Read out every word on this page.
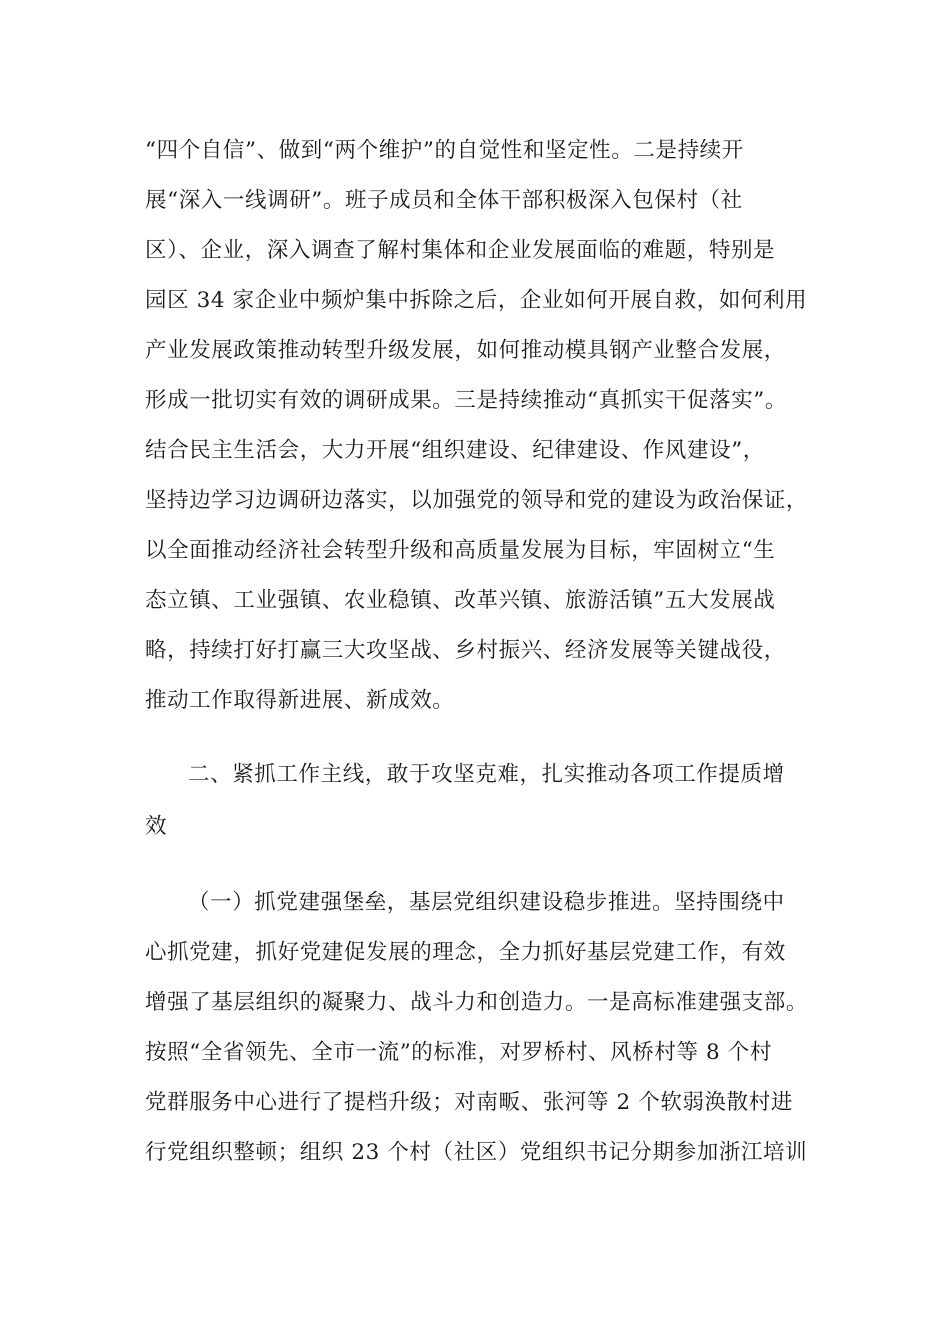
“四个自信”、做到“两个维护”的自觉性和坚定性。二是持续开
展“深入一线调研”。班子成员和全体干部积极深入包保村（社
区）、企业，深入调查了解村集体和企业发展面临的难题，特别是
园区 34 家企业中频炉集中拆除之后，企业如何开展自救，如何利用
产业发展政策推动转型升级发展，如何推动模具钢产业整合发展，
形成一批切实有效的调研成果。三是持续推动“真抓实干促落实”。
结合民主生活会，大力开展“组织建设、纪律建设、作风建设”，
坚持边学习边调研边落实，以加强党的领导和党的建设为政治保证，
以全面推动经济社会转型升级和高质量发展为目标，牢固树立“生
态立镇、工业强镇、农业稳镇、改革兴镇、旅游活镇”五大发展战
略，持续打好打赢三大攻坚战、乡村振兴、经济发展等关键战役，
推动工作取得新进展、新成效。
二、紧抓工作主线，敢于攻坚克难，扎实推动各项工作提质增
效
（一）抓党建强堡垒，基层党组织建设稳步推进。坚持围绕中
心抓党建，抓好党建促发展的理念，全力抓好基层党建工作，有效
增强了基层组织的凝聚力、战斗力和创造力。一是高标准建强支部。
按照“全省领先、全市一流”的标准，对罗桥村、风桥村等 8 个村
党群服务中心进行了提档升级；对南畈、张河等 2 个软弱涣散村进
行党组织整顿；组织 23 个村（社区）党组织书记分期参加浙江培训
